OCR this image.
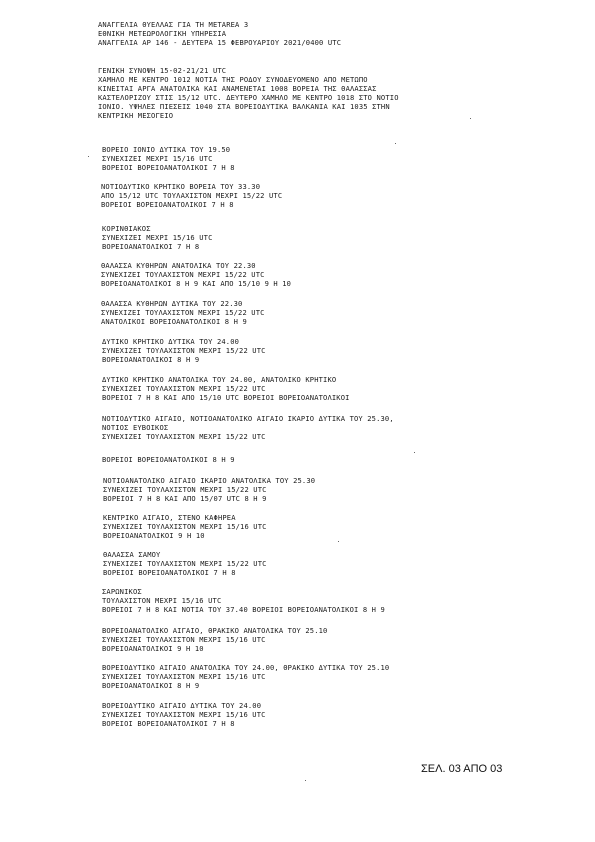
ΑΝΑΓΓΕΛΙΑ ΘΥΕΛΛΑΣ ΓΙΑ ΤΗ METAREA 3
ΕΘΝΙΚΗ ΜΕΤΕΩΡΟΛΟΓΙΚΗ ΥΠΗΡΕΣΙΑ
ΑΝΑΓΓΕΛΙΑ ΑΡ 146 - ΔΕΥΤΕΡΑ 15 ΦΕΒΡΟΥΑΡΙΟΥ 2021/0400 UTC
ΓΕΝΙΚΗ ΣΥΝΟΨΗ 15-02-21/21 UTC
ΧΑΜΗΛΟ ΜΕ ΚΕΝΤΡΟ 1012 ΝΟΤΙΑ ΤΗΣ ΡΟΔΟΥ ΣΥΝΟΔΕΥΟΜΕΝΟ ΑΠΟ ΜΕΤΩΠΟ
ΚΙΝΕΙΤΑΙ ΑΡΓΑ ΑΝΑΤΟΛΙΚΑ ΚΑΙ ΑΝΑΜΕΝΕΤΑΙ 1008 ΒΟΡΕΙΑ ΤΗΣ ΘΑΛΑΣΣΑΣ
ΚΑΣΤΕΛΟΡΙΖΟΥ ΣΤΙΣ 15/12 UTC. ΔΕΥΤΕΡΟ ΧΑΜΗΛΟ ΜΕ ΚΕΝΤΡΟ 1018 ΣΤΟ ΝΟΤΙΟ
ΙΟΝΙΟ. ΥΨΗΛΕΣ ΠΙΕΣΕΙΣ 1040 ΣΤΑ ΒΟΡΕΙΟΔΥΤΙΚΑ ΒΑΛΚΑΝΙΑ ΚΑΙ 1035 ΣΤΗΝ
ΚΕΝΤΡΙΚΗ ΜΕΣΟΓΕΙΟ
ΒΟΡΕΙΟ ΙΟΝΙΟ ΔΥΤΙΚΑ ΤΟΥ 19.50
ΣΥΝΕΧΙΖΕΙ ΜΕΧΡΙ 15/16 UTC
ΒΟΡΕΙΟΙ ΒΟΡΕΙΟΑΝΑΤΟΛΙΚΟΙ 7 Η 8
ΝΟΤΙΟΔΥΤΙΚΟ ΚΡΗΤΙΚΟ ΒΟΡΕΙΑ ΤΟΥ 33.30
ΑΠΟ 15/12 UTC ΤΟΥΛΑΧΙΣΤΟΝ ΜΕΧΡΙ 15/22 UTC
ΒΟΡΕΙΟΙ ΒΟΡΕΙΟΑΝΑΤΟΛΙΚΟΙ 7 Η 8
ΚΟΡΙΝΘΙΑΚΟΣ
ΣΥΝΕΧΙΖΕΙ ΜΕΧΡΙ 15/16 UTC
ΒΟΡΕΙΟΑΝΑΤΟΛΙΚΟΙ 7 Η 8
ΘΑΛΑΣΣΑ ΚΥΘΗΡΩΝ ΑΝΑΤΟΛΙΚΑ ΤΟΥ 22.30
ΣΥΝΕΧΙΖΕΙ ΤΟΥΛΑΧΙΣΤΟΝ ΜΕΧΡΙ 15/22 UTC
ΒΟΡΕΙΟΑΝΑΤΟΛΙΚΟΙ 8 Η 9 ΚΑΙ ΑΠΟ 15/10 9 Η 10
ΘΑΛΑΣΣΑ ΚΥΘΗΡΩΝ ΔΥΤΙΚΑ ΤΟΥ 22.30
ΣΥΝΕΧΙΖΕΙ ΤΟΥΛΑΧΙΣΤΟΝ ΜΕΧΡΙ 15/22 UTC
ΑΝΑΤΟΛΙΚΟΙ ΒΟΡΕΙΟΑΝΑΤΟΛΙΚΟΙ 8 Η 9
ΔΥΤΙΚΟ ΚΡΗΤΙΚΟ ΔΥΤΙΚΑ ΤΟΥ 24.00
ΣΥΝΕΧΙΖΕΙ ΤΟΥΛΑΧΙΣΤΟΝ ΜΕΧΡΙ 15/22 UTC
ΒΟΡΕΙΟΑΝΑΤΟΛΙΚΟΙ 8 Η 9
ΔΥΤΙΚΟ ΚΡΗΤΙΚΟ ΑΝΑΤΟΛΙΚΑ ΤΟΥ 24.00, ΑΝΑΤΟΛΙΚΟ ΚΡΗΤΙΚΟ
ΣΥΝΕΧΙΖΕΙ ΤΟΥΛΑΧΙΣΤΟΝ ΜΕΧΡΙ 15/22 UTC
ΒΟΡΕΙΟΙ 7 Η 8 ΚΑΙ ΑΠΟ 15/10 UTC ΒΟΡΕΙΟΙ ΒΟΡΕΙΟΑΝΑΤΟΛΙΚΟΙ
ΝΟΤΙΟΔΥΤΙΚΟ ΑΙΓΑΙΟ, ΝΟΤΙΟΑΝΑΤΟΛΙΚΟ ΑΙΓΑΙΟ ΙΚΑΡΙΟ ΔΥΤΙΚΑ ΤΟΥ 25.30,
ΝΟΤΙΟΣ ΕΥΒΟΙΚΟΣ
ΣΥΝΕΧΙΖΕΙ ΤΟΥΛΑΧΙΣΤΟΝ ΜΕΧΡΙ 15/22 UTC
ΒΟΡΕΙΟΙ ΒΟΡΕΙΟΑΝΑΤΟΛΙΚΟΙ 8 Η 9
ΝΟΤΙΟΑΝΑΤΟΛΙΚΟ ΑΙΓΑΙΟ ΙΚΑΡΙΟ ΑΝΑΤΟΛΙΚΑ ΤΟΥ 25.30
ΣΥΝΕΧΙΖΕΙ ΤΟΥΛΑΧΙΣΤΟΝ ΜΕΧΡΙ 15/22 UTC
ΒΟΡΕΙΟΙ 7 Η 8 ΚΑΙ ΑΠΟ 15/07 UTC 8 Η 9
ΚΕΝΤΡΙΚΟ ΑΙΓΑΙΟ, ΣΤΕΝΟ ΚΑΦΗΡΕΑ
ΣΥΝΕΧΙΖΕΙ ΤΟΥΛΑΧΙΣΤΟΝ ΜΕΧΡΙ 15/16 UTC
ΒΟΡΕΙΟΑΝΑΤΟΛΙΚΟΙ 9 Η 10
ΘΑΛΑΣΣΑ ΣΑΜΟΥ
ΣΥΝΕΧΙΖΕΙ ΤΟΥΛΑΧΙΣΤΟΝ ΜΕΧΡΙ 15/22 UTC
ΒΟΡΕΙΟΙ ΒΟΡΕΙΟΑΝΑΤΟΛΙΚΟΙ 7 Η 8
ΣΑΡΩΝΙΚΟΣ
ΤΟΥΛΑΧΙΣΤΟΝ ΜΕΧΡΙ 15/16 UTC
ΒΟΡΕΙΟΙ 7 Η 8 ΚΑΙ ΝΟΤΙΑ ΤΟΥ 37.40 ΒΟΡΕΙΟΙ ΒΟΡΕΙΟΑΝΑΤΟΛΙΚΟΙ 8 Η 9
ΒΟΡΕΙΟΑΝΑΤΟΛΙΚΟ ΑΙΓΑΙΟ, ΘΡΑΚΙΚΟ ΑΝΑΤΟΛΙΚΑ ΤΟΥ 25.10
ΣΥΝΕΧΙΖΕΙ ΤΟΥΛΑΧΙΣΤΟΝ ΜΕΧΡΙ 15/16 UTC
ΒΟΡΕΙΟΑΝΑΤΟΛΙΚΟΙ 9 Η 10
ΒΟΡΕΙΟΔΥΤΙΚΟ ΑΙΓΑΙΟ ΑΝΑΤΟΛΙΚΑ ΤΟΥ 24.00, ΘΡΑΚΙΚΟ ΔΥΤΙΚΑ ΤΟΥ 25.10
ΣΥΝΕΧΙΖΕΙ ΤΟΥΛΑΧΙΣΤΟΝ ΜΕΧΡΙ 15/16 UTC
ΒΟΡΕΙΟΑΝΑΤΟΛΙΚΟΙ 8 Η 9
ΒΟΡΕΙΟΔΥΤΙΚΟ ΑΙΓΑΙΟ ΔΥΤΙΚΑ ΤΟΥ 24.00
ΣΥΝΕΧΙΖΕΙ ΤΟΥΛΑΧΙΣΤΟΝ ΜΕΧΡΙ 15/16 UTC
ΒΟΡΕΙΟΙ ΒΟΡΕΙΟΑΝΑΤΟΛΙΚΟΙ 7 Η 8
ΣΕΛ. 03 ΑΠΟ 03
